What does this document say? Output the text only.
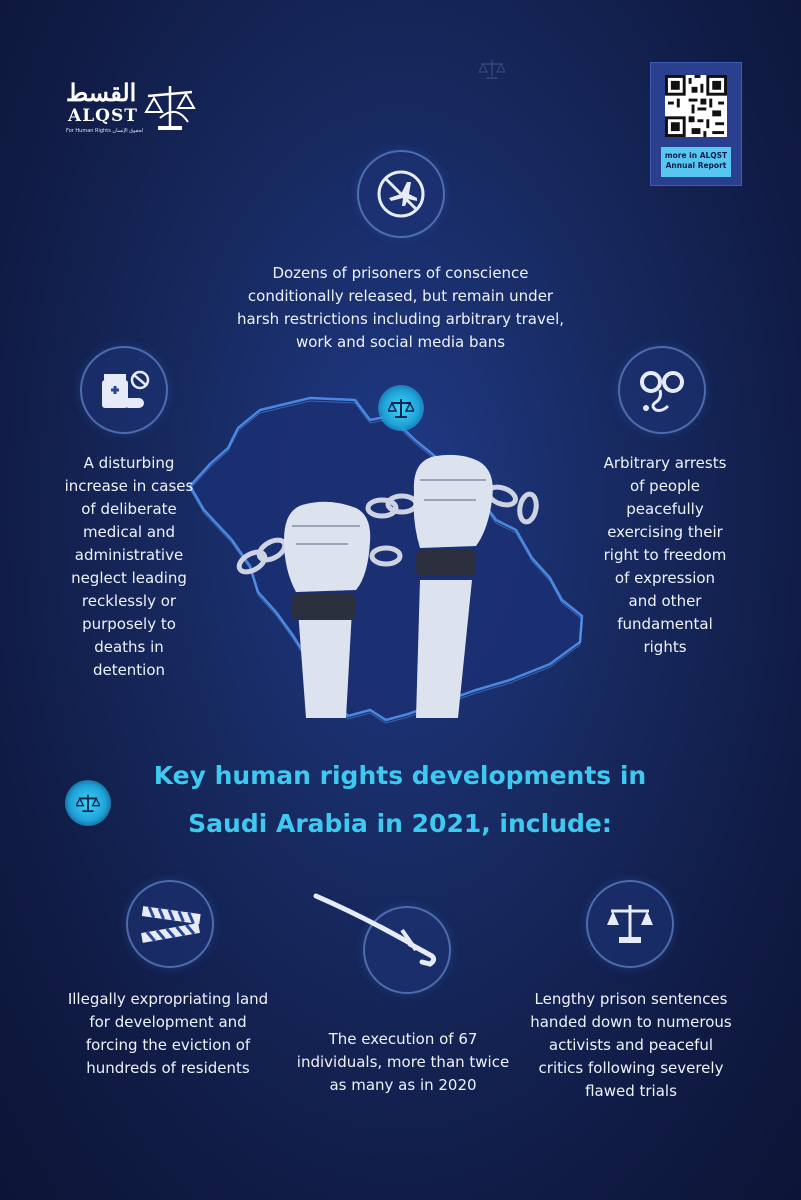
القسط
ALQST
For Human Rights لحقوق الإنسان
more in ALQST
Annual Report
Dozens of prisoners of conscience conditionally released, but remain under harsh restrictions including arbitrary travel, work and social media bans
A disturbing increase in cases of deliberate medical and administrative neglect leading recklessly or purposely to deaths in detention
Arbitrary arrests of people peacefully exercising their right to freedom of expression and other fundamental rights
Key human rights developments in
Saudi Arabia in 2021, include:
Illegally expropriating land for development and forcing the eviction of hundreds of residents
The execution of 67 individuals, more than twice as many as in 2020
Lengthy prison sentences handed down to numerous activists and peaceful critics following severely flawed trials
